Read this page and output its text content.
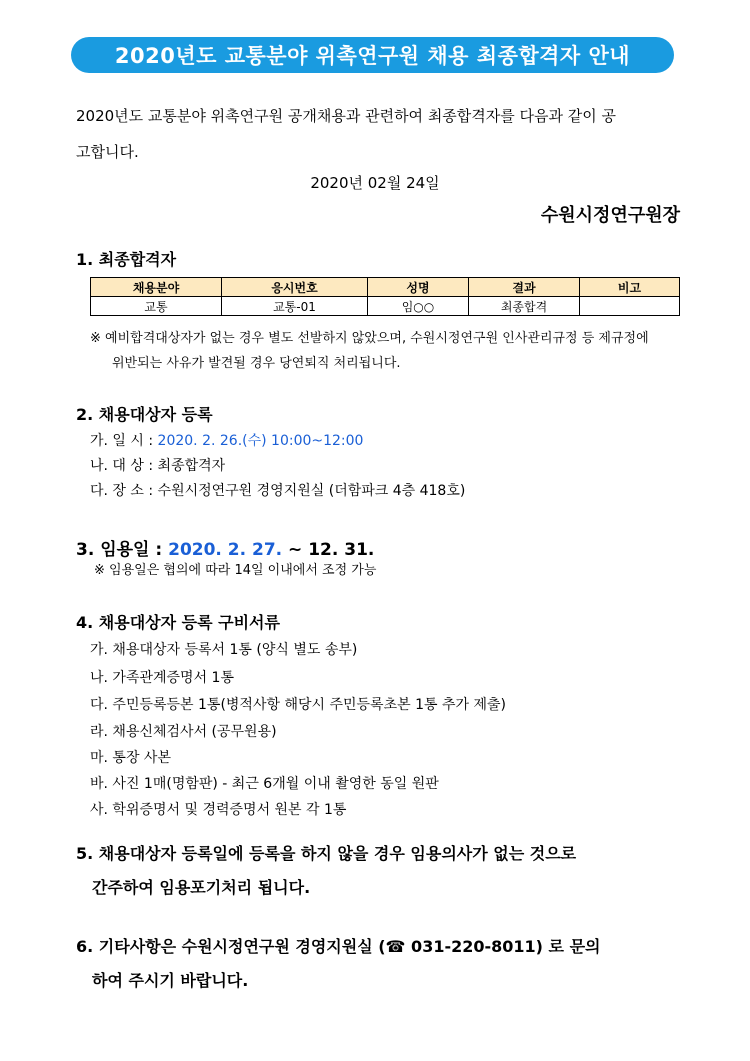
2020년도 교통분야 위촉연구원 채용 최종합격자 안내
2020년도 교통분야 위촉연구원 공개채용과 관련하여 최종합격자를 다음과 같이 공
고합니다.
2020년 02월 24일
수원시정연구원장
1. 최종합격자
채용분야	응시번호	성명	결과	비고
교통	교통-01	임○○	최종합격	
※ 예비합격대상자가 없는 경우 별도 선발하지 않았으며, 수원시정연구원 인사관리규정 등 제규정에
위반되는 사유가 발견될 경우 당연퇴직 처리됩니다.
2. 채용대상자 등록
가. 일 시 : 2020. 2. 26.(수) 10:00~12:00
나. 대 상 : 최종합격자
다. 장 소 : 수원시정연구원 경영지원실 (더함파크 4층 418호)
3. 임용일 : 2020. 2. 27. ~ 12. 31.
※ 임용일은 협의에 따라 14일 이내에서 조정 가능
4. 채용대상자 등록 구비서류
가. 채용대상자 등록서 1통 (양식 별도 송부)
나. 가족관계증명서 1통
다. 주민등록등본 1통(병적사항 해당시 주민등록초본 1통 추가 제출)
라. 채용신체검사서 (공무원용)
마. 통장 사본
바. 사진 1매(명함판) - 최근 6개월 이내 촬영한 동일 원판
사. 학위증명서 및 경력증명서 원본 각 1통
5. 채용대상자 등록일에 등록을 하지 않을 경우 임용의사가 없는 것으로
간주하여 임용포기처리 됩니다.
6. 기타사항은 수원시정연구원 경영지원실 (☎ 031-220-8011) 로 문의
하여 주시기 바랍니다.
